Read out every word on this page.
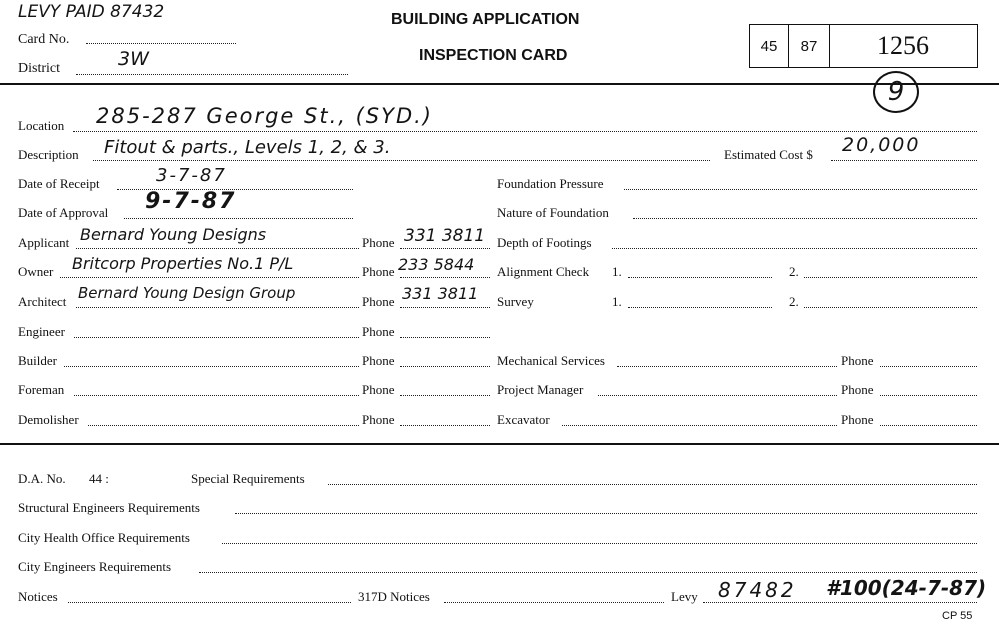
LEVY PAID 87432
Card No.
District	3W
BUILDING APPLICATION
INSPECTION CARD
45	87	1256
9
Location 285-287 George St., (SYD.)
Description Fitout & parts., Levels 1, 2, & 3.	Estimated Cost $ 20,000
Date of Receipt	3-7-87
Date of Approval 9-7-87
Foundation Pressure
Nature of Foundation
Depth of Footings
Alignment Check 1.	2.
Survey	1.	2.
Applicant Bernard Young Designs	Phone 331 3811
Owner Britcorp Properties No.1 P/L	Phone 233 5844
Architect Bernard Young Design Group	Phone 331 3811
Engineer	Phone
Builder	Phone
Foreman	Phone
Demolisher	Phone
Mechanical Services	Phone
Project Manager	Phone
Excavator	Phone
D.A. No. 44 :	Special Requirements
Structural Engineers Requirements
City Health Office Requirements
City Engineers Requirements
Notices	317D Notices	Levy 87482 #100(24-7-87)
CP 55
